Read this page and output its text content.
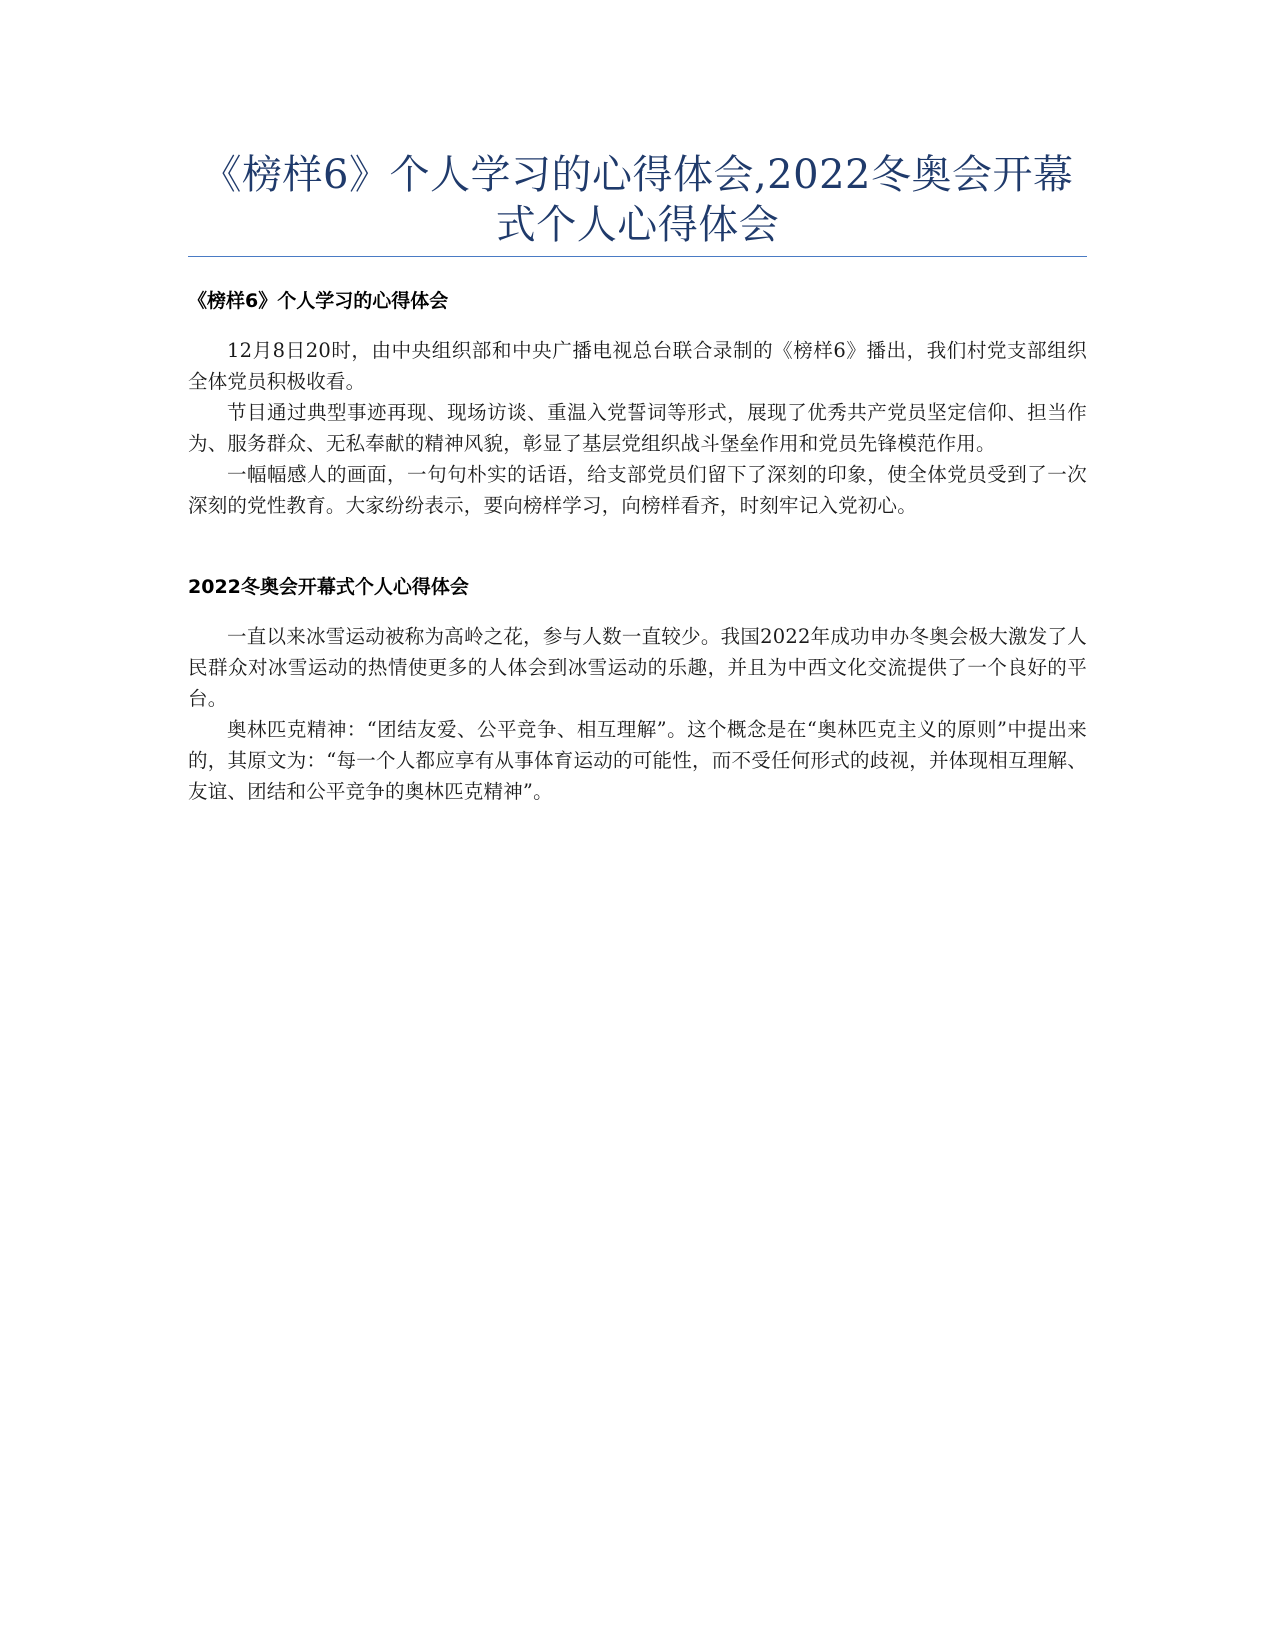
《榜样6》个人学习的心得体会,2022冬奥会开幕式个人心得体会
《榜样6》个人学习的心得体会

12月8日20时，由中央组织部和中央广播电视总台联合录制的《榜样6》播出，我们村党支部组织全体党员积极收看。

节目通过典型事迹再现、现场访谈、重温入党誓词等形式，展现了优秀共产党员坚定信仰、担当作为、服务群众、无私奉献的精神风貌，彰显了基层党组织战斗堡垒作用和党员先锋模范作用。

一幅幅感人的画面，一句句朴实的话语，给支部党员们留下了深刻的印象，使全体党员受到了一次深刻的党性教育。大家纷纷表示，要向榜样学习，向榜样看齐，时刻牢记入党初心。

2022冬奥会开幕式个人心得体会

一直以来冰雪运动被称为高岭之花，参与人数一直较少。我国2022年成功申办冬奥会极大激发了人民群众对冰雪运动的热情使更多的人体会到冰雪运动的乐趣，并且为中西文化交流提供了一个良好的平台。

奥林匹克精神：“团结友爱、公平竞争、相互理解”。这个概念是在“奥林匹克主义的原则”中提出来的，其原文为：“每一个人都应享有从事体育运动的可能性，而不受任何形式的歧视，并体现相互理解、友谊、团结和公平竞争的奥林匹克精神”。
